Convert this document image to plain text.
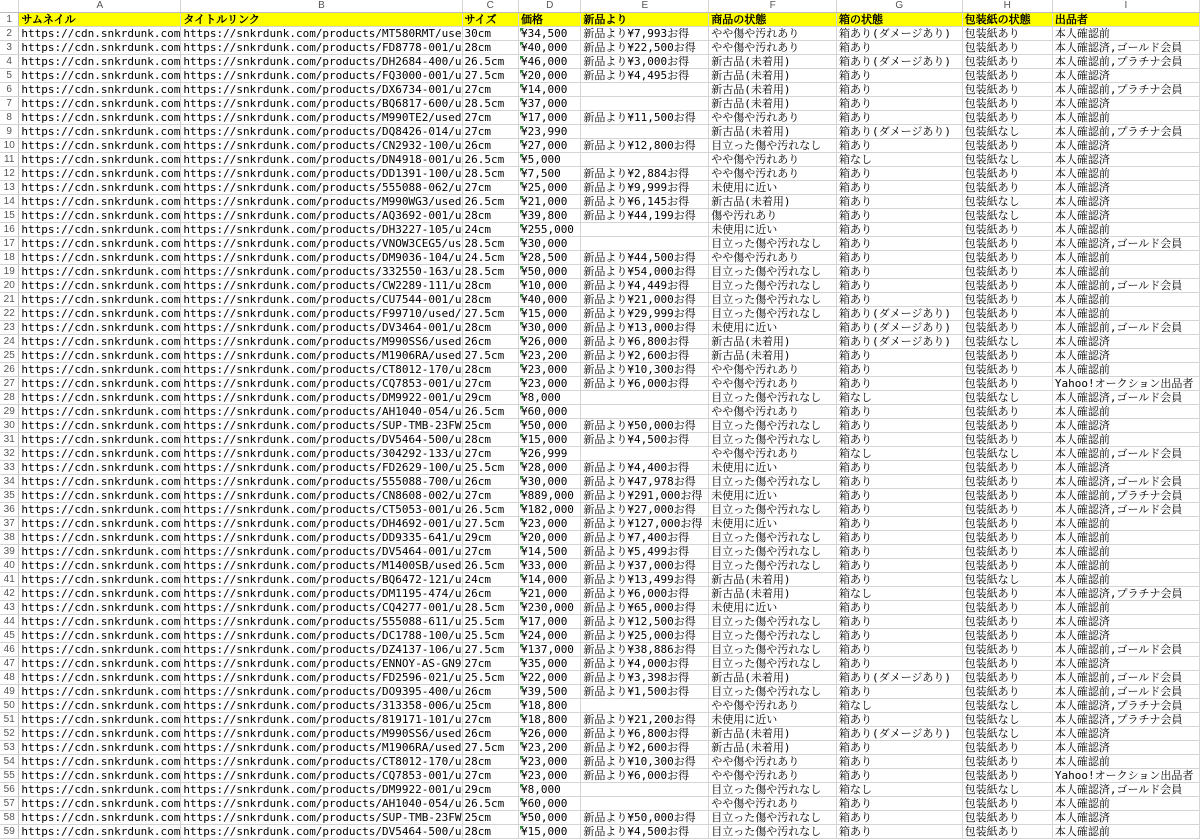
	A	B	C	D	E	F	G	H	I
1	サムネイル	タイトルリンク	サイズ	価格	新品より	商品の状態	箱の状態	包装紙の状態	出品者
2	https://cdn.snkrdunk.com	https://snkrdunk.com/products/MT580RMT/use	30cm	¥34,500	新品より¥7,993お得	やや傷や汚れあり	箱あり(ダメージあり)	包装紙あり	本人確認前
3	https://cdn.snkrdunk.com	https://snkrdunk.com/products/FD8778-001/u	28cm	¥40,000	新品より¥22,500お得	やや傷や汚れあり	箱あり	包装紙あり	本人確認済,ゴールド会員
4	https://cdn.snkrdunk.com	https://snkrdunk.com/products/DH2684-400/u	26.5cm	¥46,000	新品より¥3,000お得	新古品(未着用)	箱あり(ダメージあり)	包装紙あり	本人確認前,プラチナ会員
5	https://cdn.snkrdunk.com	https://snkrdunk.com/products/FQ3000-001/u	27.5cm	¥20,000	新品より¥4,495お得	新古品(未着用)	箱あり	包装紙あり	本人確認済
6	https://cdn.snkrdunk.com	https://snkrdunk.com/products/DX6734-001/u	27cm	¥14,000		新古品(未着用)	箱あり	包装紙あり	本人確認前,プラチナ会員
7	https://cdn.snkrdunk.com	https://snkrdunk.com/products/BQ6817-600/u	28.5cm	¥37,000		新古品(未着用)	箱あり	包装紙あり	本人確認済
8	https://cdn.snkrdunk.com	https://snkrdunk.com/products/M990TE2/used	27cm	¥17,000	新品より¥11,500お得	やや傷や汚れあり	箱あり	包装紙あり	本人確認前
9	https://cdn.snkrdunk.com	https://snkrdunk.com/products/DQ8426-014/u	27cm	¥23,990		新古品(未着用)	箱あり(ダメージあり)	包装紙なし	本人確認前,プラチナ会員
10	https://cdn.snkrdunk.com	https://snkrdunk.com/products/CN2932-100/u	26cm	¥27,000	新品より¥12,800お得	目立った傷や汚れなし	箱あり	包装紙あり	本人確認済
11	https://cdn.snkrdunk.com	https://snkrdunk.com/products/DN4918-001/u	26.5cm	¥5,000		やや傷や汚れあり	箱なし	包装紙なし	本人確認済
12	https://cdn.snkrdunk.com	https://snkrdunk.com/products/DD1391-100/u	28.5cm	¥7,500	新品より¥2,884お得	やや傷や汚れあり	箱あり	包装紙あり	本人確認前
13	https://cdn.snkrdunk.com	https://snkrdunk.com/products/555088-062/u	27cm	¥25,000	新品より¥9,999お得	未使用に近い	箱あり	包装紙あり	本人確認済
14	https://cdn.snkrdunk.com	https://snkrdunk.com/products/M990WG3/used	26.5cm	¥21,000	新品より¥6,145お得	新古品(未着用)	箱あり	包装紙なし	本人確認済
15	https://cdn.snkrdunk.com	https://snkrdunk.com/products/AQ3692-001/u	28cm	¥39,800	新品より¥44,199お得	傷や汚れあり	箱あり	包装紙なし	本人確認済
16	https://cdn.snkrdunk.com	https://snkrdunk.com/products/DH3227-105/u	24cm	¥255,000		未使用に近い	箱あり	包装紙あり	本人確認前
17	https://cdn.snkrdunk.com	https://snkrdunk.com/products/VNOW3CEG5/us	28.5cm	¥30,000		目立った傷や汚れなし	箱あり	包装紙あり	本人確認済,ゴールド会員
18	https://cdn.snkrdunk.com	https://snkrdunk.com/products/DM9036-104/u	24.5cm	¥28,500	新品より¥44,500お得	やや傷や汚れあり	箱あり	包装紙あり	本人確認前
19	https://cdn.snkrdunk.com	https://snkrdunk.com/products/332550-163/u	28.5cm	¥50,000	新品より¥54,000お得	目立った傷や汚れなし	箱あり	包装紙あり	本人確認前
20	https://cdn.snkrdunk.com	https://snkrdunk.com/products/CW2289-111/u	28cm	¥10,000	新品より¥4,449お得	目立った傷や汚れなし	箱あり	包装紙あり	本人確認前,ゴールド会員
21	https://cdn.snkrdunk.com	https://snkrdunk.com/products/CU7544-001/u	28cm	¥40,000	新品より¥21,000お得	目立った傷や汚れなし	箱あり	包装紙あり	本人確認前
22	https://cdn.snkrdunk.com	https://snkrdunk.com/products/F99710/used/	27.5cm	¥15,000	新品より¥29,999お得	目立った傷や汚れなし	箱あり(ダメージあり)	包装紙あり	本人確認前
23	https://cdn.snkrdunk.com	https://snkrdunk.com/products/DV3464-001/u	28cm	¥30,000	新品より¥13,000お得	未使用に近い	箱あり(ダメージあり)	包装紙あり	本人確認前,ゴールド会員
24	https://cdn.snkrdunk.com	https://snkrdunk.com/products/M990SS6/used	26cm	¥26,000	新品より¥6,800お得	新古品(未着用)	箱あり(ダメージあり)	包装紙なし	本人確認済
25	https://cdn.snkrdunk.com	https://snkrdunk.com/products/M1906RA/used	27.5cm	¥23,200	新品より¥2,600お得	新古品(未着用)	箱あり	包装紙あり	本人確認済
26	https://cdn.snkrdunk.com	https://snkrdunk.com/products/CT8012-170/u	28cm	¥23,000	新品より¥10,300お得	やや傷や汚れあり	箱あり	包装紙あり	本人確認前
27	https://cdn.snkrdunk.com	https://snkrdunk.com/products/CQ7853-001/u	27cm	¥23,000	新品より¥6,000お得	やや傷や汚れあり	箱あり	包装紙あり	Yahoo!オークション出品者
28	https://cdn.snkrdunk.com	https://snkrdunk.com/products/DM9922-001/u	29cm	¥8,000		目立った傷や汚れなし	箱なし	包装紙なし	本人確認済,ゴールド会員
29	https://cdn.snkrdunk.com	https://snkrdunk.com/products/AH1040-054/u	26.5cm	¥60,000		やや傷や汚れあり	箱あり	包装紙あり	本人確認前
30	https://cdn.snkrdunk.com	https://snkrdunk.com/products/SUP-TMB-23FW	25cm	¥50,000	新品より¥50,000お得	目立った傷や汚れなし	箱あり	包装紙あり	本人確認済
31	https://cdn.snkrdunk.com	https://snkrdunk.com/products/DV5464-500/u	28cm	¥15,000	新品より¥4,500お得	目立った傷や汚れなし	箱あり	包装紙あり	本人確認前
32	https://cdn.snkrdunk.com	https://snkrdunk.com/products/304292-133/u	27cm	¥26,999		やや傷や汚れあり	箱なし	包装紙なし	本人確認前,ゴールド会員
33	https://cdn.snkrdunk.com	https://snkrdunk.com/products/FD2629-100/u	25.5cm	¥28,000	新品より¥4,400お得	未使用に近い	箱あり	包装紙あり	本人確認済
34	https://cdn.snkrdunk.com	https://snkrdunk.com/products/555088-700/u	26cm	¥30,000	新品より¥47,978お得	目立った傷や汚れなし	箱あり	包装紙あり	本人確認済,ゴールド会員
35	https://cdn.snkrdunk.com	https://snkrdunk.com/products/CN8608-002/u	27cm	¥889,000	新品より¥291,000お得	未使用に近い	箱あり	包装紙あり	本人確認前,プラチナ会員
36	https://cdn.snkrdunk.com	https://snkrdunk.com/products/CT5053-001/u	26.5cm	¥182,000	新品より¥27,000お得	目立った傷や汚れなし	箱あり	包装紙あり	本人確認済,ゴールド会員
37	https://cdn.snkrdunk.com	https://snkrdunk.com/products/DH4692-001/u	27.5cm	¥23,000	新品より¥127,000お得	未使用に近い	箱あり	包装紙あり	本人確認前
38	https://cdn.snkrdunk.com	https://snkrdunk.com/products/DD9335-641/u	29cm	¥20,000	新品より¥7,400お得	目立った傷や汚れなし	箱あり	包装紙あり	本人確認前
39	https://cdn.snkrdunk.com	https://snkrdunk.com/products/DV5464-001/u	27cm	¥14,500	新品より¥5,499お得	目立った傷や汚れなし	箱あり	包装紙あり	本人確認前
40	https://cdn.snkrdunk.com	https://snkrdunk.com/products/M1400SB/used	26.5cm	¥33,000	新品より¥37,000お得	目立った傷や汚れなし	箱あり	包装紙あり	本人確認前
41	https://cdn.snkrdunk.com	https://snkrdunk.com/products/BQ6472-121/u	24cm	¥14,000	新品より¥13,499お得	新古品(未着用)	箱あり	包装紙なし	本人確認前
42	https://cdn.snkrdunk.com	https://snkrdunk.com/products/DM1195-474/u	26cm	¥21,000	新品より¥6,000お得	新古品(未着用)	箱なし	包装紙あり	本人確認済,プラチナ会員
43	https://cdn.snkrdunk.com	https://snkrdunk.com/products/CQ4277-001/u	28.5cm	¥230,000	新品より¥65,000お得	未使用に近い	箱あり	包装紙あり	本人確認前
44	https://cdn.snkrdunk.com	https://snkrdunk.com/products/555088-611/u	25.5cm	¥17,000	新品より¥12,500お得	目立った傷や汚れなし	箱あり	包装紙あり	本人確認済
45	https://cdn.snkrdunk.com	https://snkrdunk.com/products/DC1788-100/u	25.5cm	¥24,000	新品より¥25,000お得	目立った傷や汚れなし	箱あり	包装紙あり	本人確認済
46	https://cdn.snkrdunk.com	https://snkrdunk.com/products/DZ4137-106/u	27.5cm	¥137,000	新品より¥38,886お得	目立った傷や汚れなし	箱あり	包装紙あり	本人確認前,ゴールド会員
47	https://cdn.snkrdunk.com	https://snkrdunk.com/products/ENNOY-AS-GN9	27cm	¥35,000	新品より¥4,000お得	目立った傷や汚れなし	箱あり	包装紙あり	本人確認済
48	https://cdn.snkrdunk.com	https://snkrdunk.com/products/FD2596-021/u	25.5cm	¥22,000	新品より¥3,398お得	新古品(未着用)	箱あり(ダメージあり)	包装紙あり	本人確認前,ゴールド会員
49	https://cdn.snkrdunk.com	https://snkrdunk.com/products/DO9395-400/u	26cm	¥39,500	新品より¥1,500お得	目立った傷や汚れなし	箱あり	包装紙あり	本人確認前,ゴールド会員
50	https://cdn.snkrdunk.com	https://snkrdunk.com/products/313358-006/u	25cm	¥18,800		やや傷や汚れあり	箱なし	包装紙なし	本人確認済,プラチナ会員
51	https://cdn.snkrdunk.com	https://snkrdunk.com/products/819171-101/u	27cm	¥18,800	新品より¥21,200お得	未使用に近い	箱あり	包装紙なし	本人確認済,プラチナ会員
52	https://cdn.snkrdunk.com	https://snkrdunk.com/products/M990SS6/used	26cm	¥26,000	新品より¥6,800お得	新古品(未着用)	箱あり(ダメージあり)	包装紙なし	本人確認済
53	https://cdn.snkrdunk.com	https://snkrdunk.com/products/M1906RA/used	27.5cm	¥23,200	新品より¥2,600お得	新古品(未着用)	箱あり	包装紙あり	本人確認済
54	https://cdn.snkrdunk.com	https://snkrdunk.com/products/CT8012-170/u	28cm	¥23,000	新品より¥10,300お得	やや傷や汚れあり	箱あり	包装紙あり	本人確認前
55	https://cdn.snkrdunk.com	https://snkrdunk.com/products/CQ7853-001/u	27cm	¥23,000	新品より¥6,000お得	やや傷や汚れあり	箱あり	包装紙あり	Yahoo!オークション出品者
56	https://cdn.snkrdunk.com	https://snkrdunk.com/products/DM9922-001/u	29cm	¥8,000		目立った傷や汚れなし	箱なし	包装紙なし	本人確認済,ゴールド会員
57	https://cdn.snkrdunk.com	https://snkrdunk.com/products/AH1040-054/u	26.5cm	¥60,000		やや傷や汚れあり	箱あり	包装紙あり	本人確認前
58	https://cdn.snkrdunk.com	https://snkrdunk.com/products/SUP-TMB-23FW	25cm	¥50,000	新品より¥50,000お得	目立った傷や汚れなし	箱あり	包装紙あり	本人確認済
59	https://cdn.snkrdunk.com	https://snkrdunk.com/products/DV5464-500/u	28cm	¥15,000	新品より¥4,500お得	目立った傷や汚れなし	箱あり	包装紙あり	本人確認前
